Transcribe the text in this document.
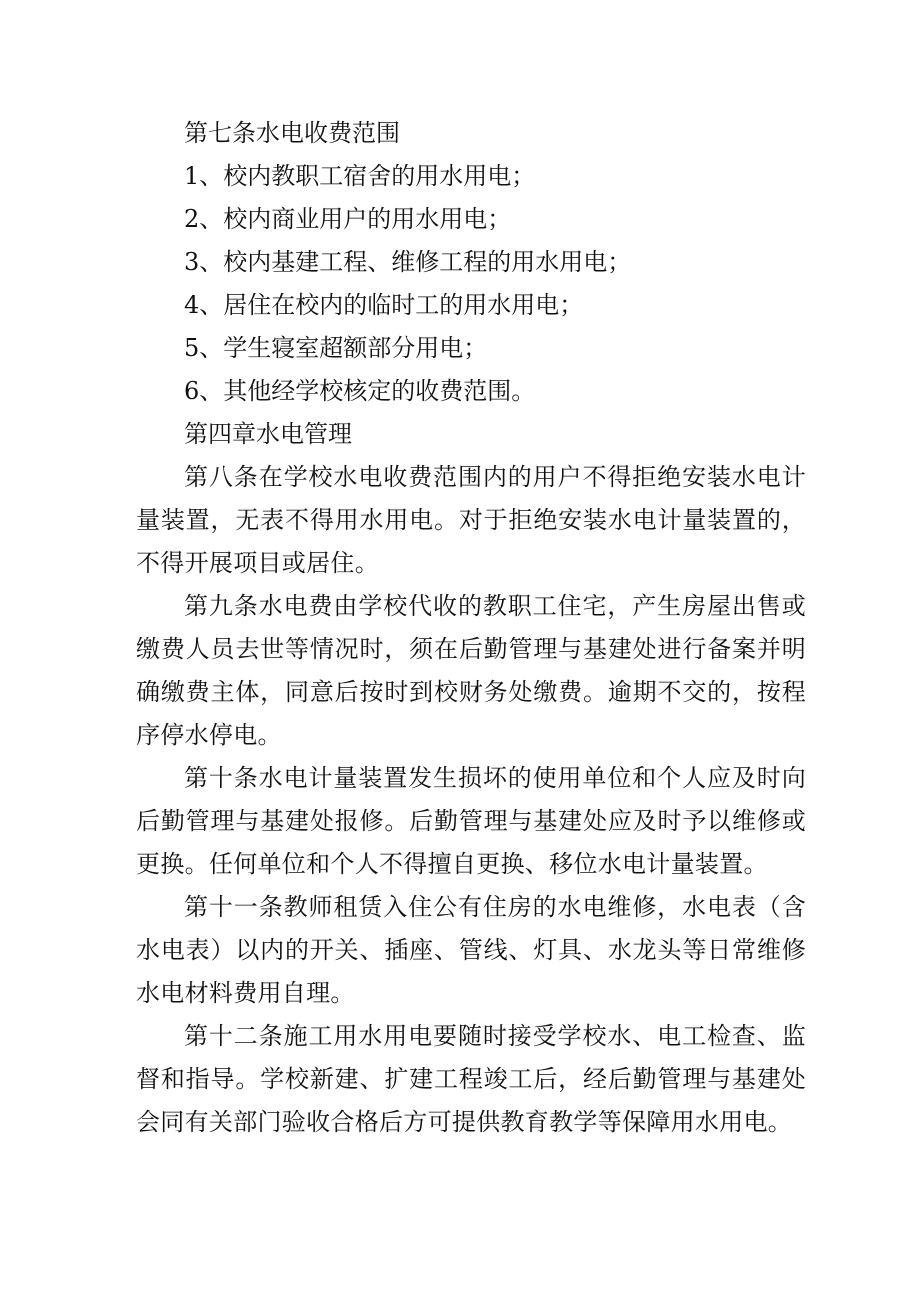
第七条水电收费范围

1、校内教职工宿舍的用水用电；

2、校内商业用户的用水用电；

3、校内基建工程、维修工程的用水用电；

4、居住在校内的临时工的用水用电；

5、学生寝室超额部分用电；

6、其他经学校核定的收费范围。

第四章水电管理

第八条在学校水电收费范围内的用户不得拒绝安装水电计量装置，无表不得用水用电。对于拒绝安装水电计量装置的，不得开展项目或居住。

第九条水电费由学校代收的教职工住宅，产生房屋出售或缴费人员去世等情况时，须在后勤管理与基建处进行备案并明确缴费主体，同意后按时到校财务处缴费。逾期不交的，按程序停水停电。

第十条水电计量装置发生损坏的使用单位和个人应及时向后勤管理与基建处报修。后勤管理与基建处应及时予以维修或更换。任何单位和个人不得擅自更换、移位水电计量装置。

第十一条教师租赁入住公有住房的水电维修，水电表（含水电表）以内的开关、插座、管线、灯具、水龙头等日常维修水电材料费用自理。

第十二条施工用水用电要随时接受学校水、电工检查、监督和指导。学校新建、扩建工程竣工后，经后勤管理与基建处会同有关部门验收合格后方可提供教育教学等保障用水用电。
